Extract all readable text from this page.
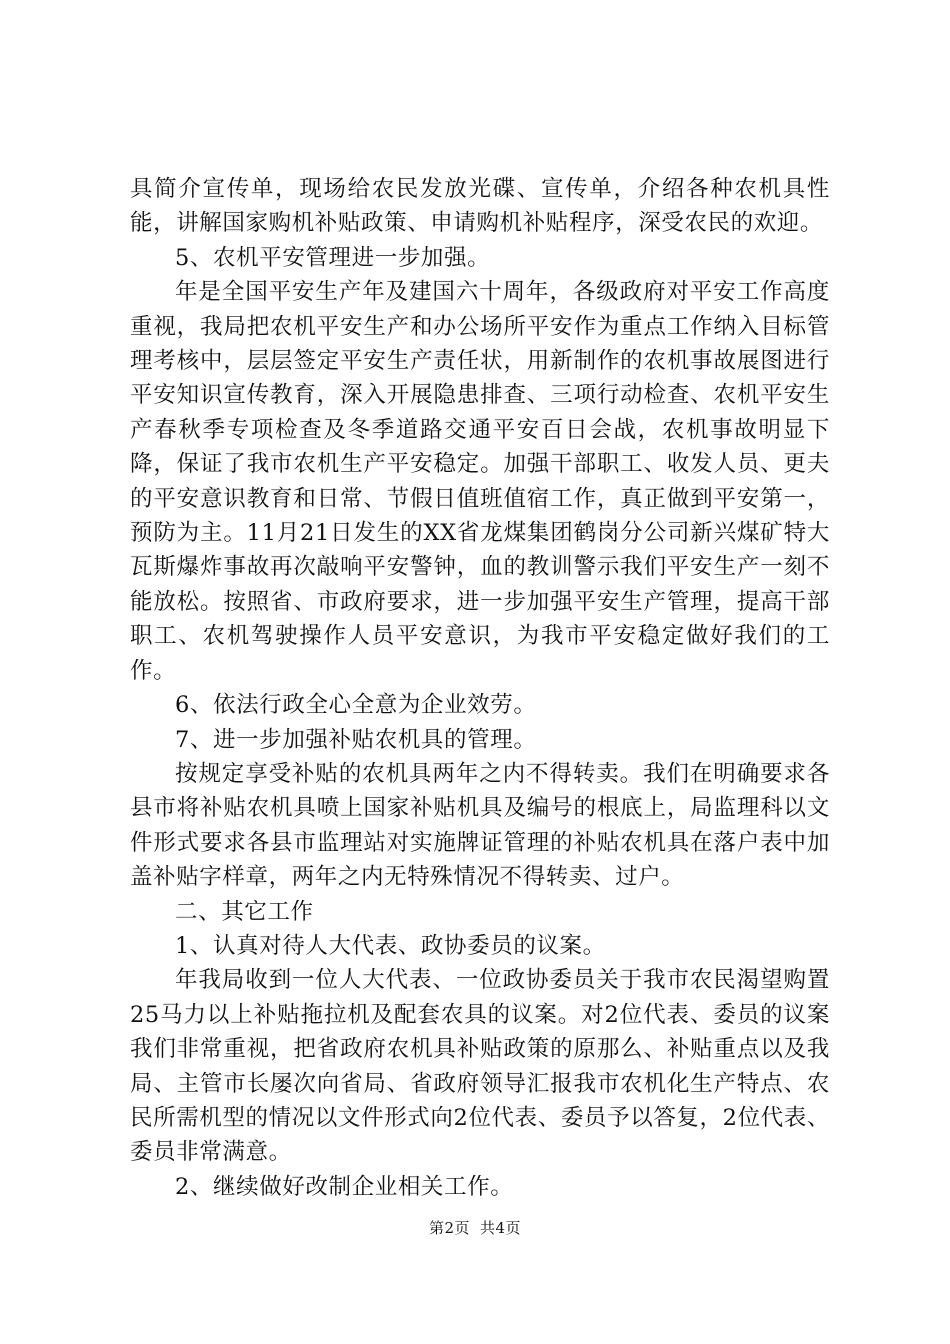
具简介宣传单，现场给农民发放光碟、宣传单，介绍各种农机具性能，讲解国家购机补贴政策、申请购机补贴程序，深受农民的欢迎。

5、农机平安管理进一步加强。

年是全国平安生产年及建国六十周年，各级政府对平安工作高度重视，我局把农机平安生产和办公场所平安作为重点工作纳入目标管理考核中，层层签定平安生产责任状，用新制作的农机事故展图进行平安知识宣传教育，深入开展隐患排查、三项行动检查、农机平安生产春秋季专项检查及冬季道路交通平安百日会战，农机事故明显下降，保证了我市农机生产平安稳定。加强干部职工、收发人员、更夫的平安意识教育和日常、节假日值班值宿工作，真正做到平安第一，预防为主。11月21日发生的XX省龙煤集团鹤岗分公司新兴煤矿特大瓦斯爆炸事故再次敲响平安警钟，血的教训警示我们平安生产一刻不能放松。按照省、市政府要求，进一步加强平安生产管理，提高干部职工、农机驾驶操作人员平安意识，为我市平安稳定做好我们的工作。

6、依法行政全心全意为企业效劳。

7、进一步加强补贴农机具的管理。

按规定享受补贴的农机具两年之内不得转卖。我们在明确要求各县市将补贴农机具喷上国家补贴机具及编号的根底上，局监理科以文件形式要求各县市监理站对实施牌证管理的补贴农机具在落户表中加盖补贴字样章，两年之内无特殊情况不得转卖、过户。

二、其它工作

1、认真对待人大代表、政协委员的议案。

年我局收到一位人大代表、一位政协委员关于我市农民渴望购置25马力以上补贴拖拉机及配套农具的议案。对2位代表、委员的议案我们非常重视，把省政府农机具补贴政策的原那么、补贴重点以及我局、主管市长屡次向省局、省政府领导汇报我市农机化生产特点、农民所需机型的情况以文件形式向2位代表、委员予以答复，2位代表、委员非常满意。

2、继续做好改制企业相关工作。

第2页 共4页
